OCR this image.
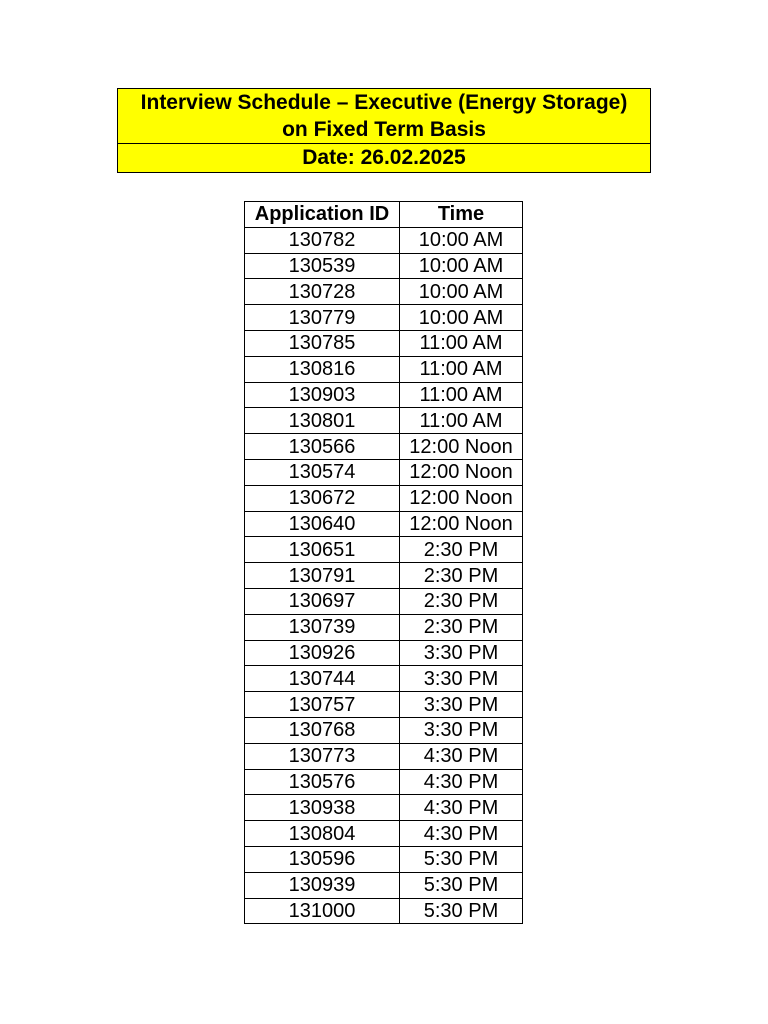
Interview Schedule – Executive (Energy Storage) on Fixed Term Basis
Date: 26.02.2025
Application ID	Time
130782	10:00 AM
130539	10:00 AM
130728	10:00 AM
130779	10:00 AM
130785	11:00 AM
130816	11:00 AM
130903	11:00 AM
130801	11:00 AM
130566	12:00 Noon
130574	12:00 Noon
130672	12:00 Noon
130640	12:00 Noon
130651	2:30 PM
130791	2:30 PM
130697	2:30 PM
130739	2:30 PM
130926	3:30 PM
130744	3:30 PM
130757	3:30 PM
130768	3:30 PM
130773	4:30 PM
130576	4:30 PM
130938	4:30 PM
130804	4:30 PM
130596	5:30 PM
130939	5:30 PM
131000	5:30 PM
